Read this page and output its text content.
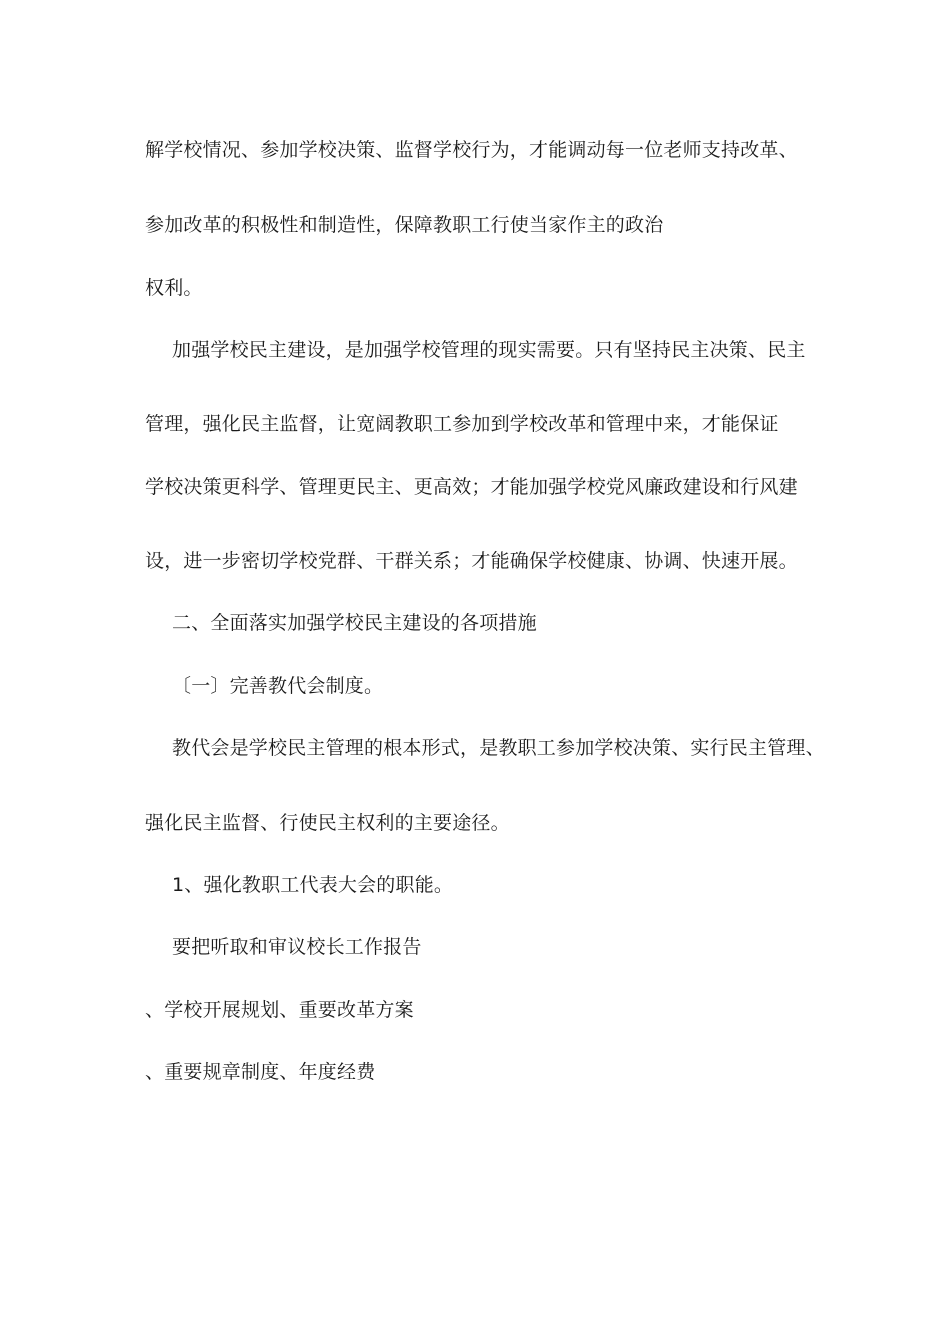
解学校情况、参加学校决策、监督学校行为，才能调动每一位老师支持改革、
参加改革的积极性和制造性，保障教职工行使当家作主的政治
权利。
加强学校民主建设，是加强学校管理的现实需要。只有坚持民主决策、民主
管理，强化民主监督，让宽阔教职工参加到学校改革和管理中来，才能保证
学校决策更科学、管理更民主、更高效；才能加强学校党风廉政建设和行风建
设，进一步密切学校党群、干群关系；才能确保学校健康、协调、快速开展。
二、全面落实加强学校民主建设的各项措施
〔一〕完善教代会制度。
教代会是学校民主管理的根本形式，是教职工参加学校决策、实行民主管理、
强化民主监督、行使民主权利的主要途径。
1、强化教职工代表大会的职能。
要把听取和审议校长工作报告
、学校开展规划、重要改革方案
、重要规章制度、年度经费
